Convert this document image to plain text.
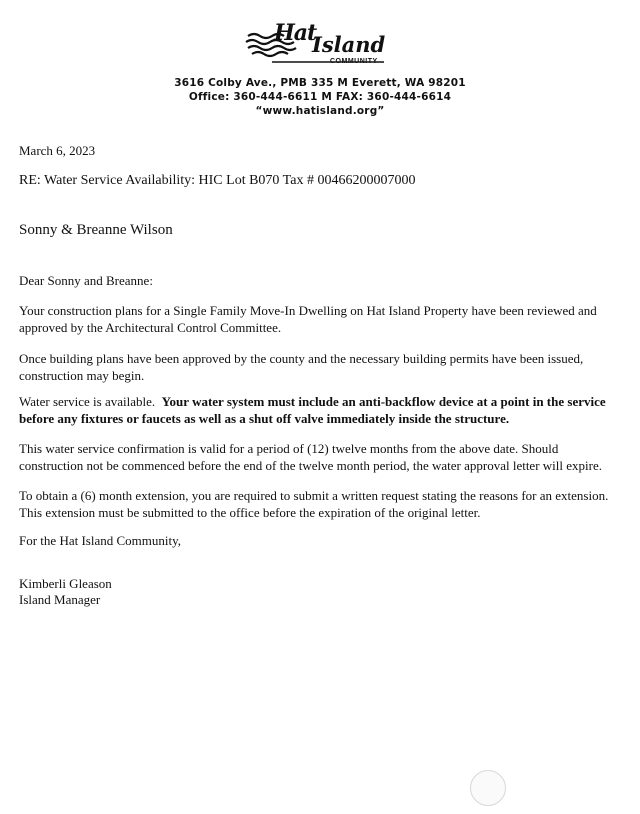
Hat
Island
COMMUNITY
3616 Colby Ave., PMB 335 M Everett, WA 98201
Office: 360-444-6611 M FAX: 360-444-6614
“www.hatisland.org”

March 6, 2023

RE: Water Service Availability: HIC Lot B070 Tax # 00466200007000

Sonny & Breanne Wilson

Dear Sonny and Breanne:

Your construction plans for a Single Family Move-In Dwelling on Hat Island Property have been reviewed and approved by the Architectural Control Committee.

Once building plans have been approved by the county and the necessary building permits have been issued, construction may begin.

Water service is available. Your water system must include an anti-backflow device at a point in the service before any fixtures or faucets as well as a shut off valve immediately inside the structure.

This water service confirmation is valid for a period of (12) twelve months from the above date. Should construction not be commenced before the end of the twelve month period, the water approval letter will expire.

To obtain a (6) month extension, you are required to submit a written request stating the reasons for an extension. This extension must be submitted to the office before the expiration of the original letter.

For the Hat Island Community,

Kimberli Gleason

Island Manager
